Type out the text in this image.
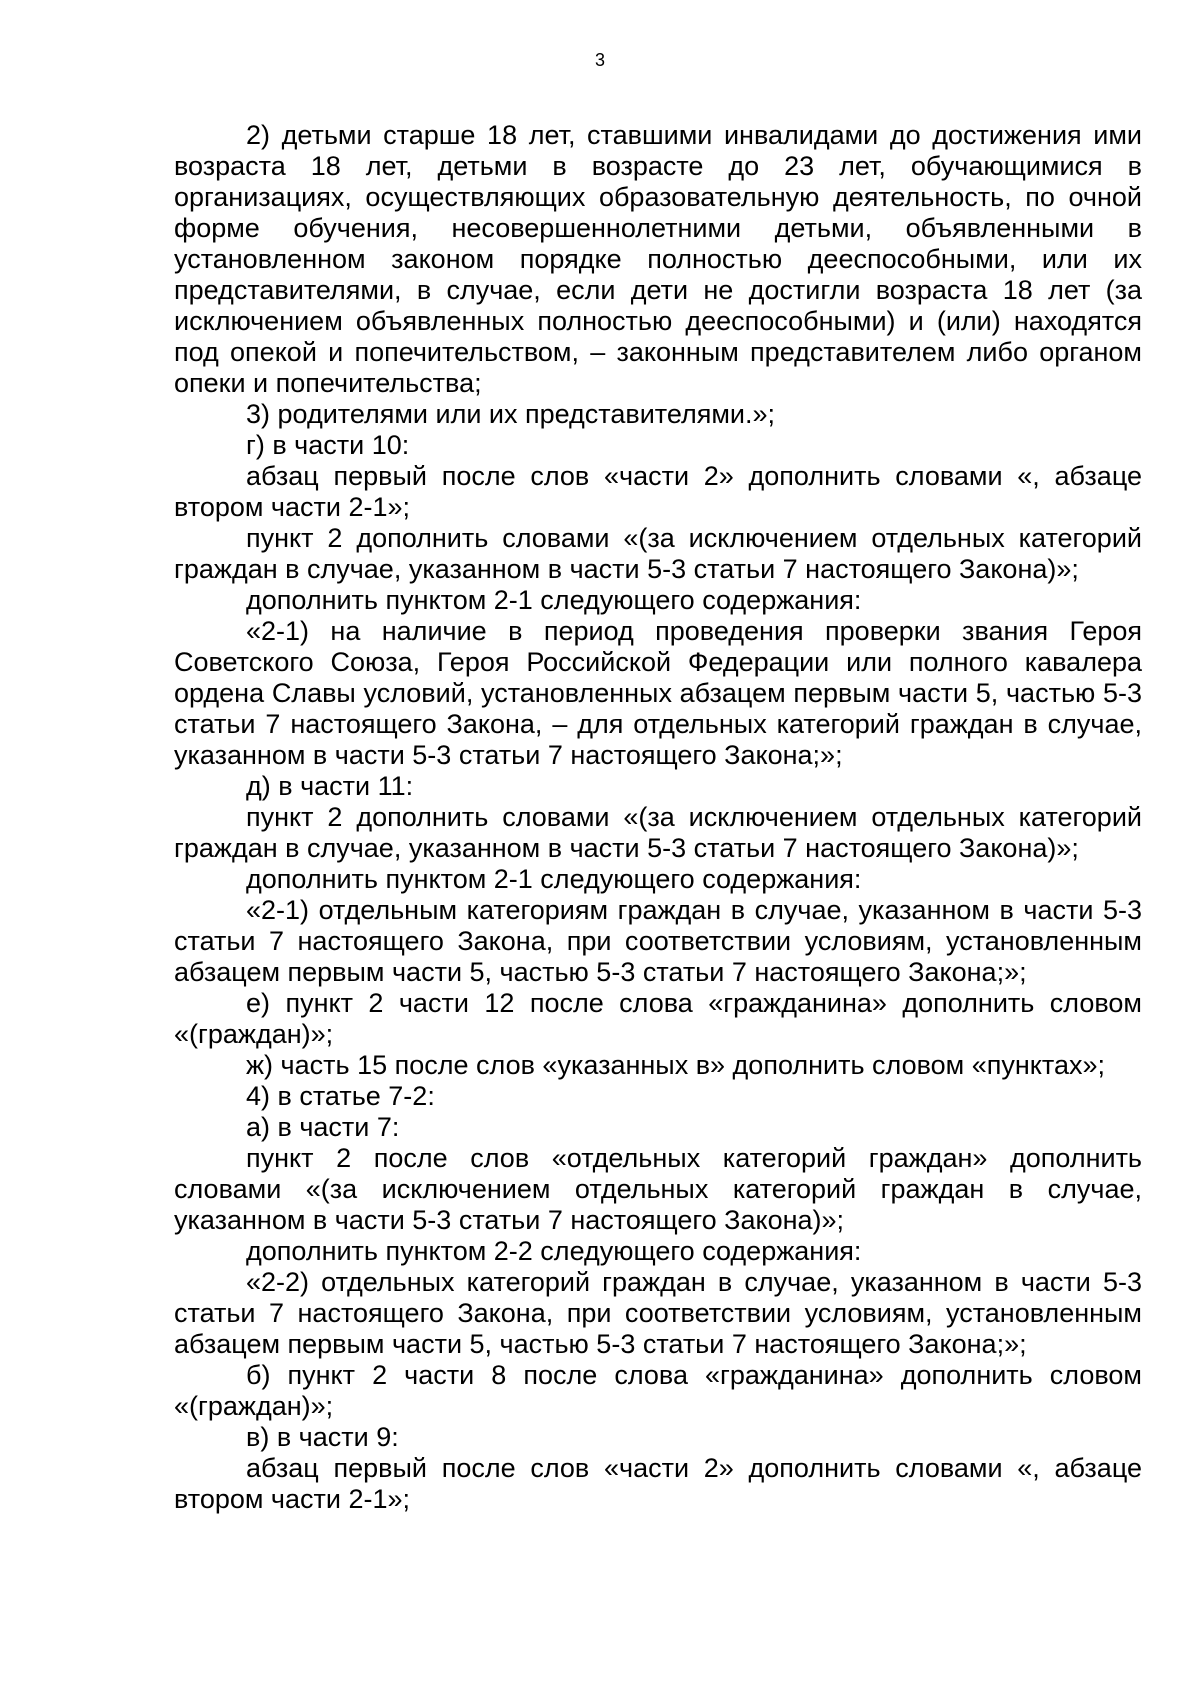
3

2) детьми старше 18 лет, ставшими инвалидами до достижения ими возраста 18 лет, детьми в возрасте до 23 лет, обучающимися в организациях, осуществляющих образовательную деятельность, по очной форме обучения, несовершеннолетними детьми, объявленными в установленном законом порядке полностью дееспособными, или их представителями, в случае, если дети не достигли возраста 18 лет (за исключением объявленных полностью дееспособными) и (или) находятся под опекой и попечительством, – законным представителем либо органом опеки и попечительства;

3) родителями или их представителями.»;

г) в части 10:

абзац первый после слов «части 2» дополнить словами «, абзаце втором части 2-1»;

пункт 2 дополнить словами «(за исключением отдельных категорий граждан в случае, указанном в части 5-3 статьи 7 настоящего Закона)»;

дополнить пунктом 2-1 следующего содержания:

«2-1) на наличие в период проведения проверки звания Героя Советского Союза, Героя Российской Федерации или полного кавалера ордена Славы условий, установленных абзацем первым части 5, частью 5-3 статьи 7 настоящего Закона, – для отдельных категорий граждан в случае, указанном в части 5-3 статьи 7 настоящего Закона;»;

д) в части 11:

пункт 2 дополнить словами «(за исключением отдельных категорий граждан в случае, указанном в части 5-3 статьи 7 настоящего Закона)»;

дополнить пунктом 2-1 следующего содержания:

«2-1) отдельным категориям граждан в случае, указанном в части 5-3 статьи 7 настоящего Закона, при соответствии условиям, установленным абзацем первым части 5, частью 5-3 статьи 7 настоящего Закона;»;

е) пункт 2 части 12 после слова «гражданина» дополнить словом «(граждан)»;

ж) часть 15 после слов «указанных в» дополнить словом «пунктах»;

4) в статье 7-2:

а) в части 7:

пункт 2 после слов «отдельных категорий граждан» дополнить словами «(за исключением отдельных категорий граждан в случае, указанном в части 5-3 статьи 7 настоящего Закона)»;

дополнить пунктом 2-2 следующего содержания:

«2-2) отдельных категорий граждан в случае, указанном в части 5-3 статьи 7 настоящего Закона, при соответствии условиям, установленным абзацем первым части 5, частью 5-3 статьи 7 настоящего Закона;»;

б) пункт 2 части 8 после слова «гражданина» дополнить словом «(граждан)»;

в) в части 9:

абзац первый после слов «части 2» дополнить словами «, абзаце втором части 2-1»;
